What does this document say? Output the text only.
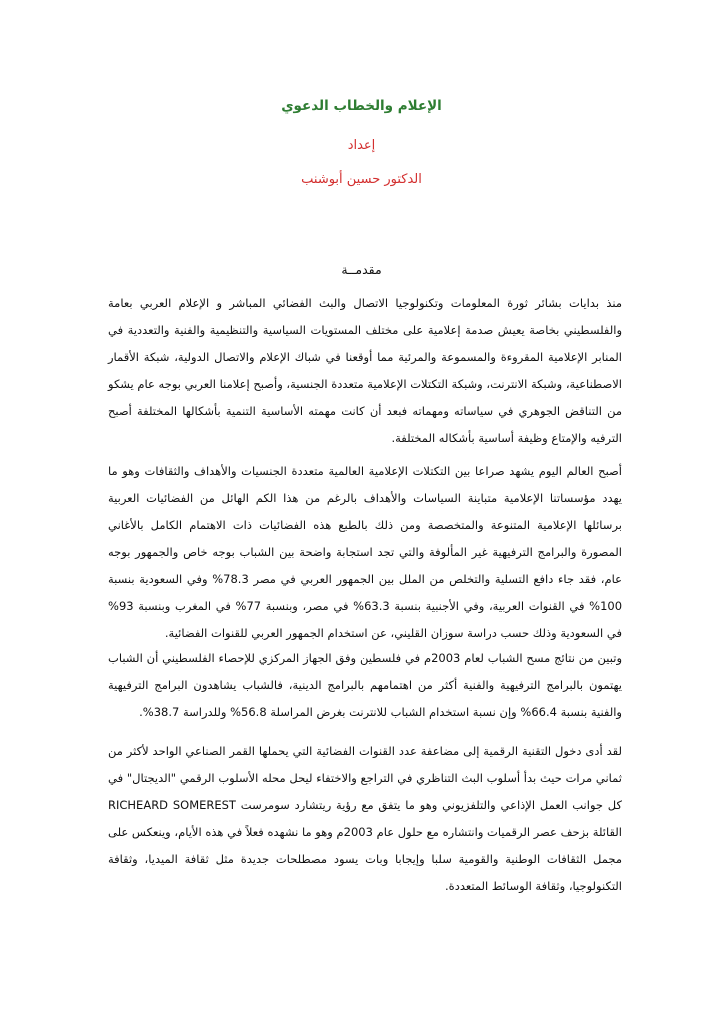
الإعلام والخطاب الدعوي
إعداد
الدكتور حسين أبوشنب
مقدمــة

منذ بدايات بشائر ثورة المعلومات وتكنولوجيا الاتصال والبث الفضائي المباشر و الإعلام العربي بعامة والفلسطيني بخاصة يعيش صدمة إعلامية على مختلف المستويات السياسية والتنظيمية والفنية والتعددية في المنابر الإعلامية المقروءة والمسموعة والمرئية مما أوقعنا في شباك الإعلام والاتصال الدولية، شبكة الأقمار الاصطناعية، وشبكة الانترنت، وشبكة التكتلات الإعلامية متعددة الجنسية، وأصبح إعلامنا العربي بوجه عام يشكو من التناقض الجوهري في سياساته ومهماته فبعد أن كانت مهمته الأساسية التنمية بأشكالها المختلفة أصبح الترفيه والإمتاع وظيفة أساسية بأشكاله المختلفة.

أصبح العالم اليوم يشهد صراعا بين التكتلات الإعلامية العالمية متعددة الجنسيات والأهداف والثقافات وهو ما يهدد مؤسساتنا الإعلامية متباينة السياسات والأهداف بالرغم من هذا الكم الهائل من الفضائيات العربية برسائلها الإعلامية المتنوعة والمتخصصة ومن ذلك بالطبع هذه الفضائيات ذات الاهتمام الكامل بالأغاني المصورة والبرامج الترفيهية غير المألوفة والتي تجد استجابة واضحة بين الشباب بوجه خاص والجمهور بوجه عام، فقد جاء دافع التسلية والتخلص من الملل بين الجمهور العربي في مصر 78.3% وفي السعودية بنسبة 100% في القنوات العربية، وفي الأجنبية بنسبة 63.3% في مصر، وبنسبة 77% في المغرب وبنسبة 93% في السعودية وذلك حسب دراسة سوزان القليني، عن استخدام الجمهور العربي للقنوات الفضائية.

وتبين من نتائج مسح الشباب لعام 2003م في فلسطين وفق الجهاز المركزي للإحصاء الفلسطيني أن الشباب يهتمون بالبرامج الترفيهية والفنية أكثر من اهتمامهم بالبرامج الدينية، فالشباب يشاهدون البرامج الترفيهية والفنية بنسبة 66.4% وإن نسبة استخدام الشباب للانترنت بغرض المراسلة 56.8% وللدراسة 38.7%.

لقد أدى دخول التقنية الرقمية إلى مضاعفة عدد القنوات الفضائية التي يحملها القمر الصناعي الواحد لأكثر من ثماني مرات حيث بدأ أسلوب البث التناظري في التراجع والاختفاء ليحل محله الأسلوب الرقمي "الديجتال" في كل جوانب العمل الإذاعي والتلفزيوني وهو ما يتفق مع رؤية ريتشارد سومرست RICHEARD SOMEREST القائلة بزحف عصر الرقميات وانتشاره مع حلول عام 2003م وهو ما نشهده فعلاً في هذه الأيام، وينعكس على مجمل الثقافات الوطنية والقومية سلبا وإيجابا وبات يسود مصطلحات جديدة مثل ثقافة الميديا، وثقافة التكنولوجيا، وثقافة الوسائط المتعددة.
